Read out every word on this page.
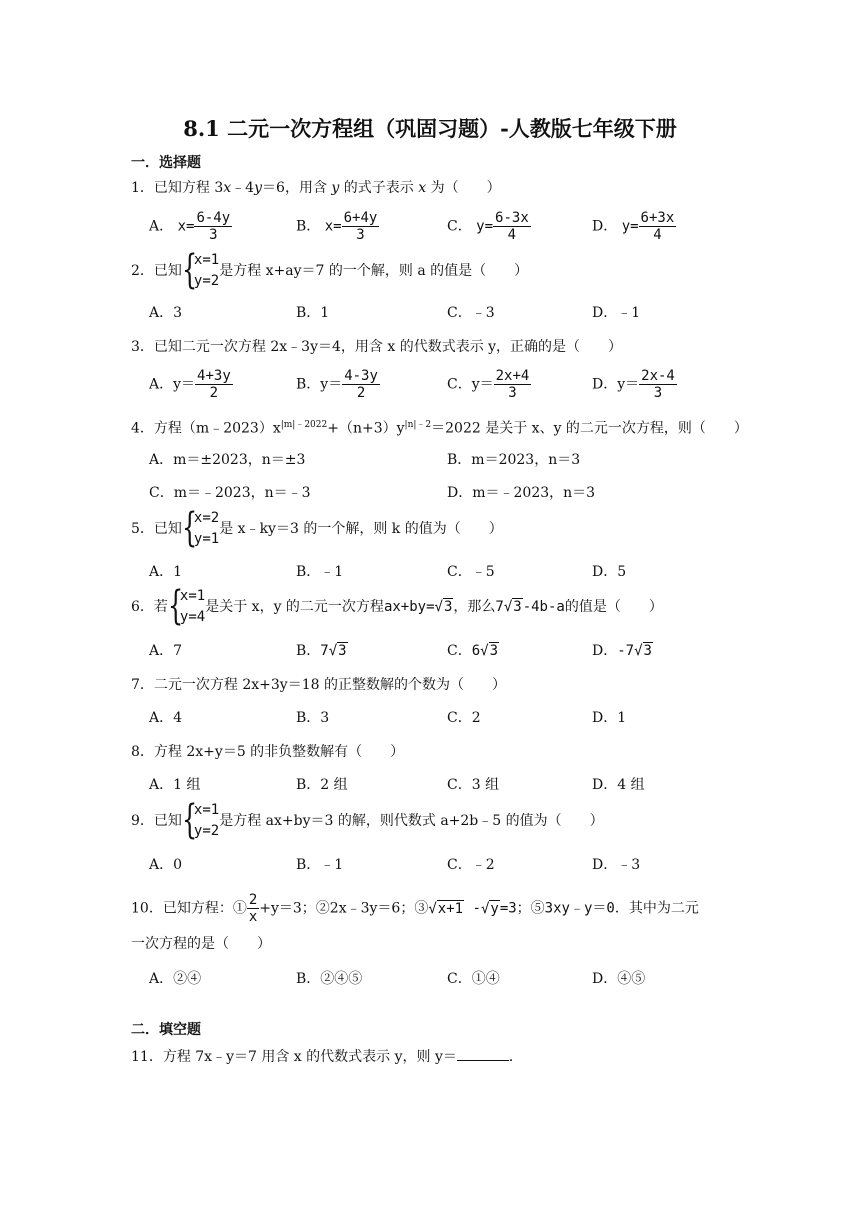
8.1 二元一次方程组（巩固习题）-人教版七年级下册
一．选择题
1．已知方程 3x﹣4y＝6，用含 y 的式子表示 x 为（　　）
A． $x= \frac{6-4y}{3}$	B． $x= \frac{6+4y}{3}$	C． $y= \frac{6-3x}{4}$	D． $y= \frac{6+3x}{4}$
2．已知 {
x=1
y=2
是方程 x+ay＝7 的一个解，则 a 的值是（　　）
A．3	B．1	C．﹣3	D．﹣1
3．已知二元一次方程 2x﹣3y＝4，用含 x 的代数式表示 y，正确的是（　　）
A．$y= \frac{4+3y}{2}$	B．$y= \frac{4-3y}{2}$	C．$y= \frac{2x+4}{3}$	D．$y= \frac{2x-4}{3}$
4．方程$(m﹣2023)x^{|m|﹣2022}+(n+3)y^{|n|﹣2}=2022$ 是关于 x、y 的二元一次方程，则（　　）
A．m＝±2023，n＝±3	B．m＝2023，n＝3
C．m＝﹣2023，n＝﹣3	D．m＝﹣2023，n＝3
5．已知 {
x=2
y=1
是 x﹣ky＝3 的一个解，则 k 的值为（　　）
A．1	B．﹣1	C．﹣5	D．5
6．若 {
x=1
y=4
是关于 x，y 的二元一次方程ax+by=√3，那么7√3-4b-a的值是（　　）
A．7	B．7√3	C．6√3	D．-7√3
7．二元一次方程 2x+3y＝18 的正整数解的个数为（　　）
A．4	B．3	C．2	D．1
8．方程 2x+y＝5 的非负整数解有（　　）
A．1 组	B．2 组	C．3 组	D．4 组
9．已知 {
x=1
y=2
是方程 ax+by＝3 的解，则代数式 a+2b﹣5 的值为（　　）
A．0	B．﹣1	C．﹣2	D．﹣3
10．已知方程：① $\frac{2}{x} +y=3$；②2x﹣3y＝6；③√x+1 -√y=3；⑤3xy﹣y＝0．其中为二元
一次方程的是（　　）
A．②④	B．②④⑤	C．①④	D．④⑤
二．填空题
11．方程 7x﹣y＝7 用含 x 的代数式表示 y，则 y＝	．
